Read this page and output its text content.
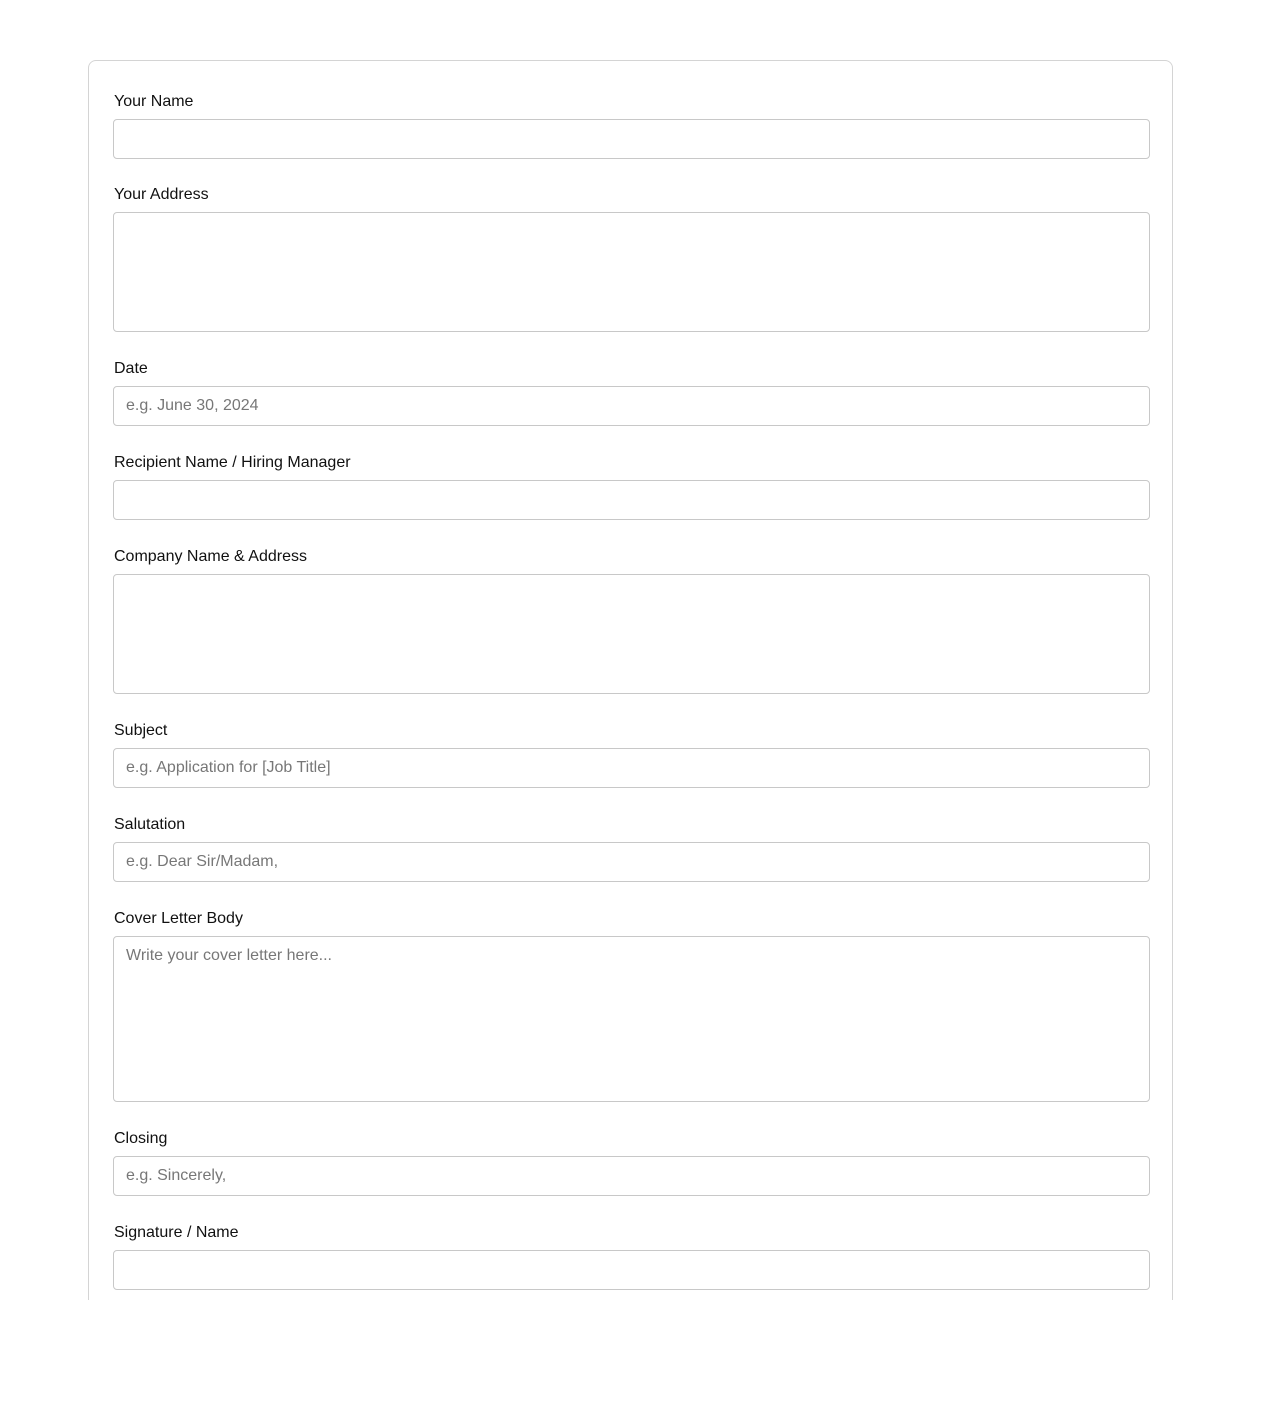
Your Name
Your Address
Date
e.g. June 30, 2024
Recipient Name / Hiring Manager
Company Name & Address
Subject
e.g. Application for [Job Title]
Salutation
e.g. Dear Sir/Madam,
Cover Letter Body
Write your cover letter here...
Closing
e.g. Sincerely,
Signature / Name
